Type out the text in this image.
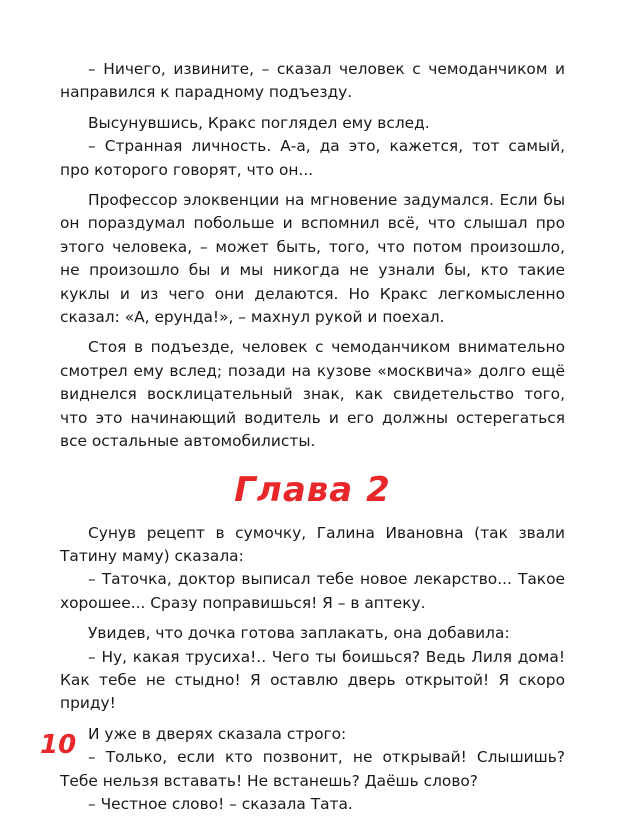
– Ничего, извините, – сказал человек с чемоданчиком и направился к парадному подъезду.

Высунувшись, Кракс поглядел ему вслед.

– Странная личность. А-а, да это, кажется, тот самый, про которого говорят, что он...

Профессор элоквенции на мгновение задумался. Если бы он пораздумал побольше и вспомнил всё, что слышал про этого человека, – может быть, того, что потом произошло, не произошло бы и мы никогда не узнали бы, кто такие куклы и из чего они делаются. Но Кракс легкомысленно сказал: «А, ерунда!», – махнул рукой и поехал.

Стоя в подъезде, человек с чемоданчиком внимательно смотрел ему вслед; позади на кузове «москвича» долго ещё виднелся восклицательный знак, как свидетельство того, что это начинающий водитель и его должны остерегаться все остальные автомобилисты.

Глава 2

Сунув рецепт в сумочку, Галина Ивановна (так звали Татину маму) сказала:

– Таточка, доктор выписал тебе новое лекарство... Такое хорошее... Сразу поправишься! Я – в аптеку.

Увидев, что дочка готова заплакать, она добавила:

– Ну, какая трусиха!.. Чего ты боишься? Ведь Лиля дома! Как тебе не стыдно! Я оставлю дверь открытой! Я скоро приду!

И уже в дверях сказала строго:

– Только, если кто позвонит, не открывай! Слышишь? Тебе нельзя вставать! Не встанешь? Даёшь слово?

– Честное слово! – сказала Тата.

10
